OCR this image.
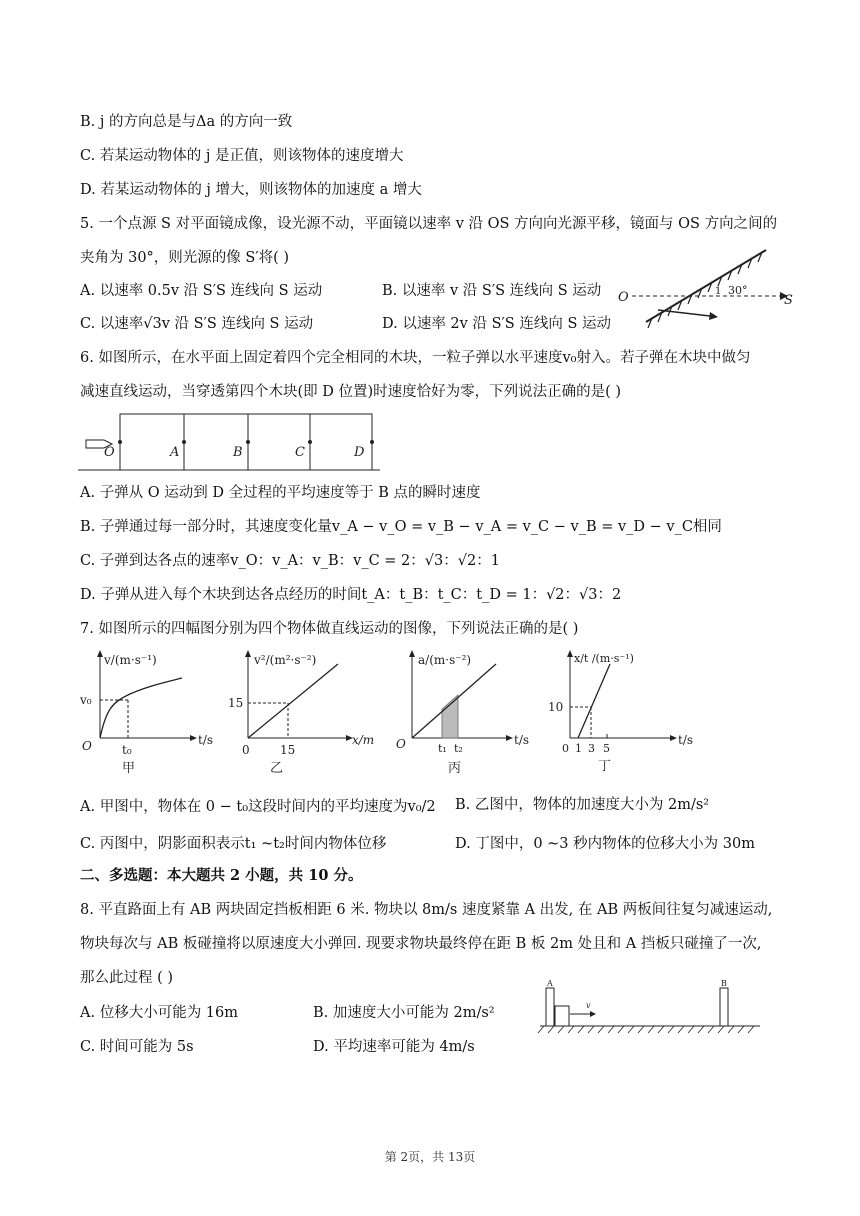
B. j 的方向总是与Δa 的方向一致
C. 若某运动物体的 j 是正值，则该物体的速度增大
D. 若某运动物体的 j 增大，则该物体的加速度 a 增大
5. 一个点源 S 对平面镜成像，设光源不动，平面镜以速率 v 沿 OS 方向向光源平移，镜面与 OS 方向之间的
夹角为 30°，则光源的像 S′将( )
A. 以速率 0.5v 沿 S′S 连线向 S 运动	B. 以速率 v 沿 S′S 连线向 S 运动
C. 以速率√3v 沿 S′S 连线向 S 运动	D. 以速率 2v 沿 S′S 连线向 S 运动
O	S
30°
1
6. 如图所示，在水平面上固定着四个完全相同的木块，一粒子弹以水平速度v₀射入。若子弹在木块中做匀
减速直线运动，当穿透第四个木块(即 D 位置)时速度恰好为零，下列说法正确的是( )
O	A	B	C	D
A. 子弹从 O 运动到 D 全过程的平均速度等于 B 点的瞬时速度
B. 子弹通过每一部分时，其速度变化量v_A − v_O = v_B − v_A = v_C − v_B = v_D − v_C相同
C. 子弹到达各点的速率v_O：v_A：v_B：v_C = 2：√3：√2：1
D. 子弹从进入每个木块到达各点经历的时间t_A：t_B：t_C：t_D = 1：√2：√3：2
7. 如图所示的四幅图分别为四个物体做直线运动的图像，下列说法正确的是( )
v/(m·s⁻¹)
t/s
v₀
t₀
O
甲
v²/(m²·s⁻²)
x/m
15
15
0
乙
a/(m·s⁻²)
t/s
t₁ t₂
O
丙
x/t /(m·s⁻¹)
t/s
10
0 1 3 5
丁
A. 甲图中，物体在 0 − t₀这段时间内的平均速度为v₀/2 B. 乙图中，物体的加速度大小为 2m/s²
C. 丙图中，阴影面积表示t₁ ~t₂时间内物体位移	D. 丁图中，0 ~3 秒内物体的位移大小为 30m
二、多选题：本大题共 2 小题，共 10 分。
8. 平直路面上有 AB 两块固定挡板相距 6 米. 物块以 8m/s 速度紧靠 A 出发, 在 AB 两板间往复匀减速运动,
物块每次与 AB 板碰撞将以原速度大小弹回. 现要求物块最终停在距 B 板 2m 处且和 A 挡板只碰撞了一次,
那么此过程 ( )
A. 位移大小可能为 16m	B. 加速度大小可能为 2m/s²
C. 时间可能为 5s	D. 平均速率可能为 4m/s
A	B
v
第 2页，共 13页
